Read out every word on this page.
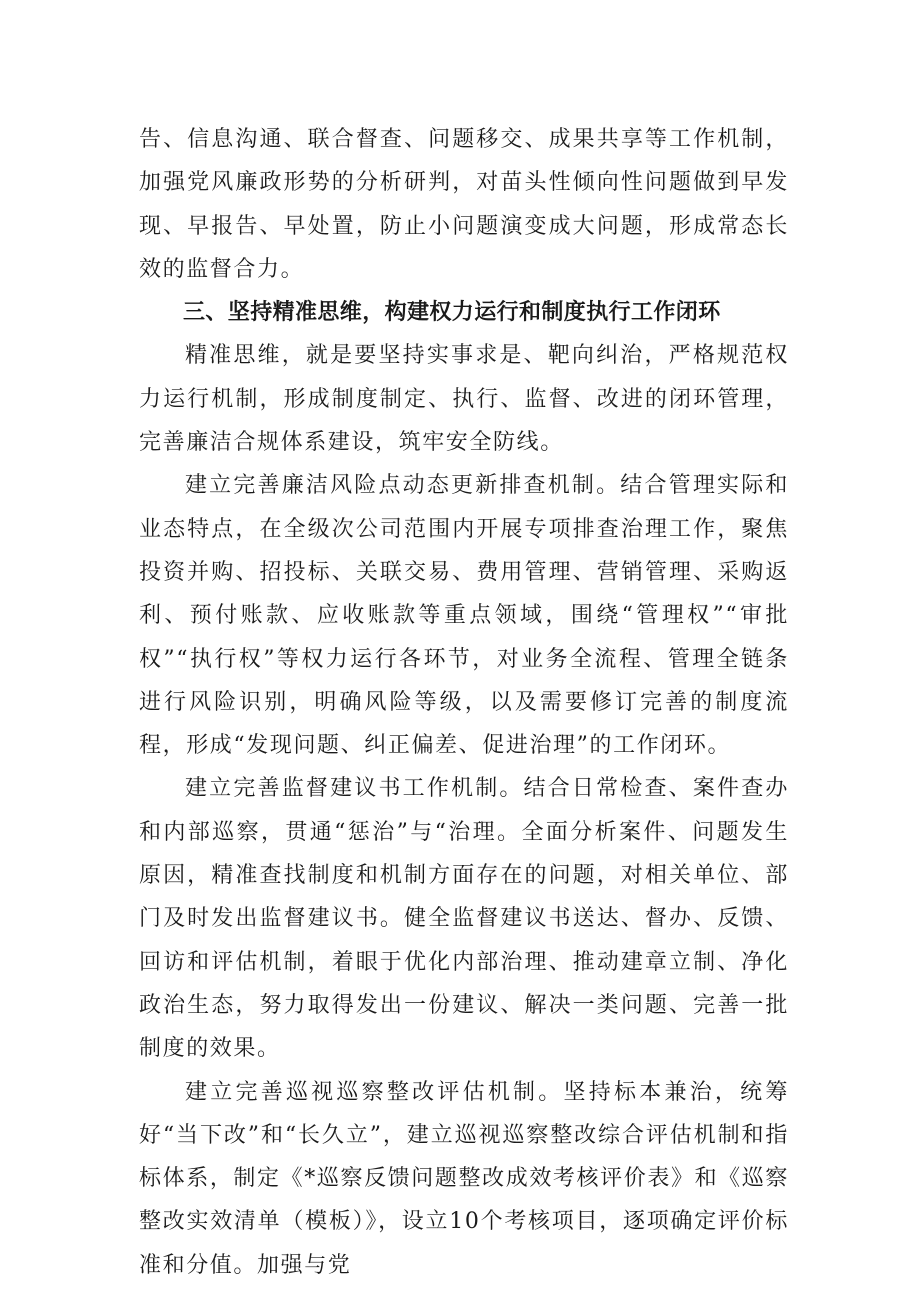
告、信息沟通、联合督查、问题移交、成果共享等工作机制，加强党风廉政形势的分析研判，对苗头性倾向性问题做到早发现、早报告、早处置，防止小问题演变成大问题，形成常态长效的监督合力。

三、坚持精准思维，构建权力运行和制度执行工作闭环

精准思维，就是要坚持实事求是、靶向纠治，严格规范权力运行机制，形成制度制定、执行、监督、改进的闭环管理，完善廉洁合规体系建设，筑牢安全防线。

建立完善廉洁风险点动态更新排查机制。结合管理实际和业态特点，在全级次公司范围内开展专项排查治理工作，聚焦投资并购、招投标、关联交易、费用管理、营销管理、采购返利、预付账款、应收账款等重点领域，围绕“管理权”“审批权”“执行权”等权力运行各环节，对业务全流程、管理全链条进行风险识别，明确风险等级，以及需要修订完善的制度流程，形成“发现问题、纠正偏差、促进治理”的工作闭环。

建立完善监督建议书工作机制。结合日常检查、案件查办和内部巡察，贯通“惩治”与“治理。全面分析案件、问题发生原因，精准查找制度和机制方面存在的问题，对相关单位、部门及时发出监督建议书。健全监督建议书送达、督办、反馈、回访和评估机制，着眼于优化内部治理、推动建章立制、净化政治生态，努力取得发出一份建议、解决一类问题、完善一批制度的效果。

建立完善巡视巡察整改评估机制。坚持标本兼治，统筹好“当下改”和“长久立”，建立巡视巡察整改综合评估机制和指标体系，制定《*巡察反馈问题整改成效考核评价表》和《巡察整改实效清单（模板）》，设立10个考核项目，逐项确定评价标准和分值。加强与党
